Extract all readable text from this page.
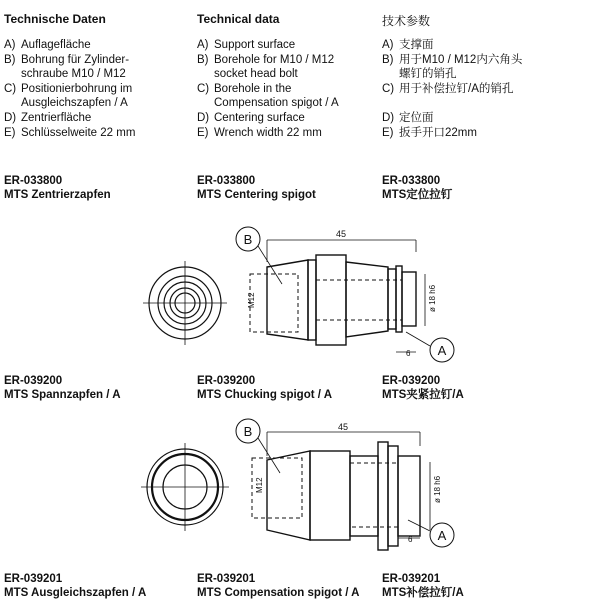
Technische Daten
A) Auflagefläche
B) Bohrung für Zylinder-
schraube M10 / M12
C) Positionierbohrung im
Ausgleichszapfen / A
D) Zentrierfläche
E) Schlüsselweite 22 mm
Technical data
A) Support surface
B) Borehole for M10 / M12
socket head bolt
C) Borehole in the
Compensation spigot / A
D) Centering surface
E) Wrench width 22 mm
技术参数
A) 支撑面
B) 用于M10 / M12内六角头
螺钉的销孔
C) 用于补偿拉钉/A的销孔

D) 定位面
E) 扳手开口22mm
ER-033800
MTS Zentrierzapfen
ER-033800
MTS Centering spigot
ER-033800
MTS定位拉钉
45
M12	ø 18 h6
6
B
A
ER-039200
MTS Spannzapfen / A
ER-039200
MTS Chucking spigot / A
ER-039200
MTS夹紧拉钉/A
45
M12	ø 18 h6
6
B
A
ER-039201
MTS Ausgleichszapfen / A
ER-039201
MTS Compensation spigot / A
ER-039201
MTS补偿拉钉/A
